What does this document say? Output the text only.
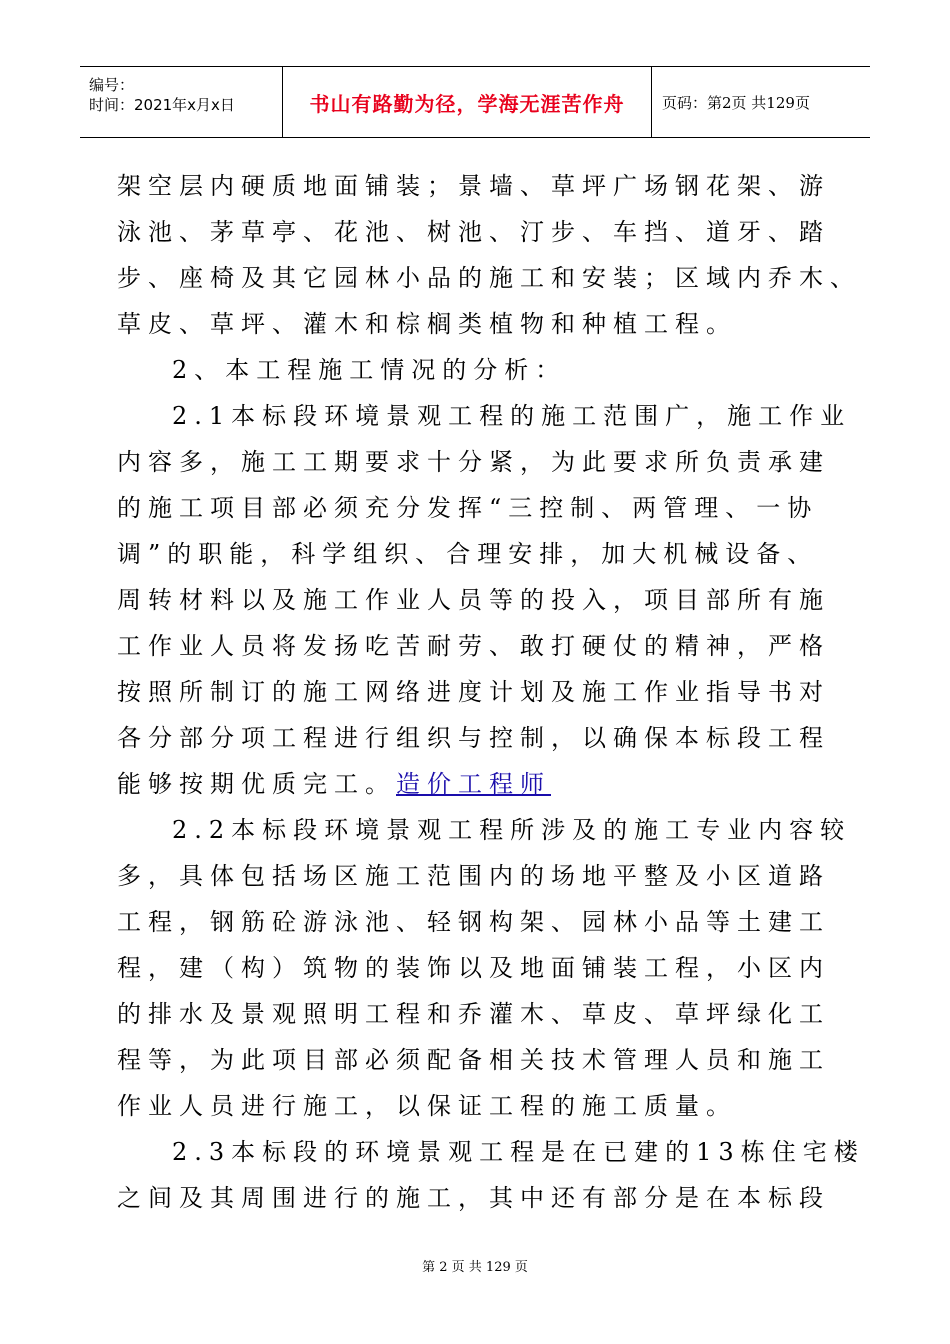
编号：
时间：2021年x月x日	书山有路勤为径，学海无涯苦作舟	页码：第2页 共129页
架空层内硬质地面铺装；景墙、草坪广场钢花架、游
泳池、茅草亭、花池、树池、汀步、车挡、道牙、踏
步、座椅及其它园林小品的施工和安装；区域内乔木、
草皮、草坪、灌木和棕榈类植物和种植工程。
2、本工程施工情况的分析：
2.1本标段环境景观工程的施工范围广，施工作业
内容多，施工工期要求十分紧，为此要求所负责承建
的施工项目部必须充分发挥“三控制、两管理、一协
调”的职能，科学组织、合理安排，加大机械设备、
周转材料以及施工作业人员等的投入，项目部所有施
工作业人员将发扬吃苦耐劳、敢打硬仗的精神，严格
按照所制订的施工网络进度计划及施工作业指导书对
各分部分项工程进行组织与控制，以确保本标段工程
能够按期优质完工。造价工程师
2.2本标段环境景观工程所涉及的施工专业内容较
多，具体包括场区施工范围内的场地平整及小区道路
工程，钢筋砼游泳池、轻钢构架、园林小品等土建工
程，建（构）筑物的装饰以及地面铺装工程，小区内
的排水及景观照明工程和乔灌木、草皮、草坪绿化工
程等，为此项目部必须配备相关技术管理人员和施工
作业人员进行施工，以保证工程的施工质量。
2.3本标段的环境景观工程是在已建的13栋住宅楼
之间及其周围进行的施工，其中还有部分是在本标段
第 2 页 共 129 页
